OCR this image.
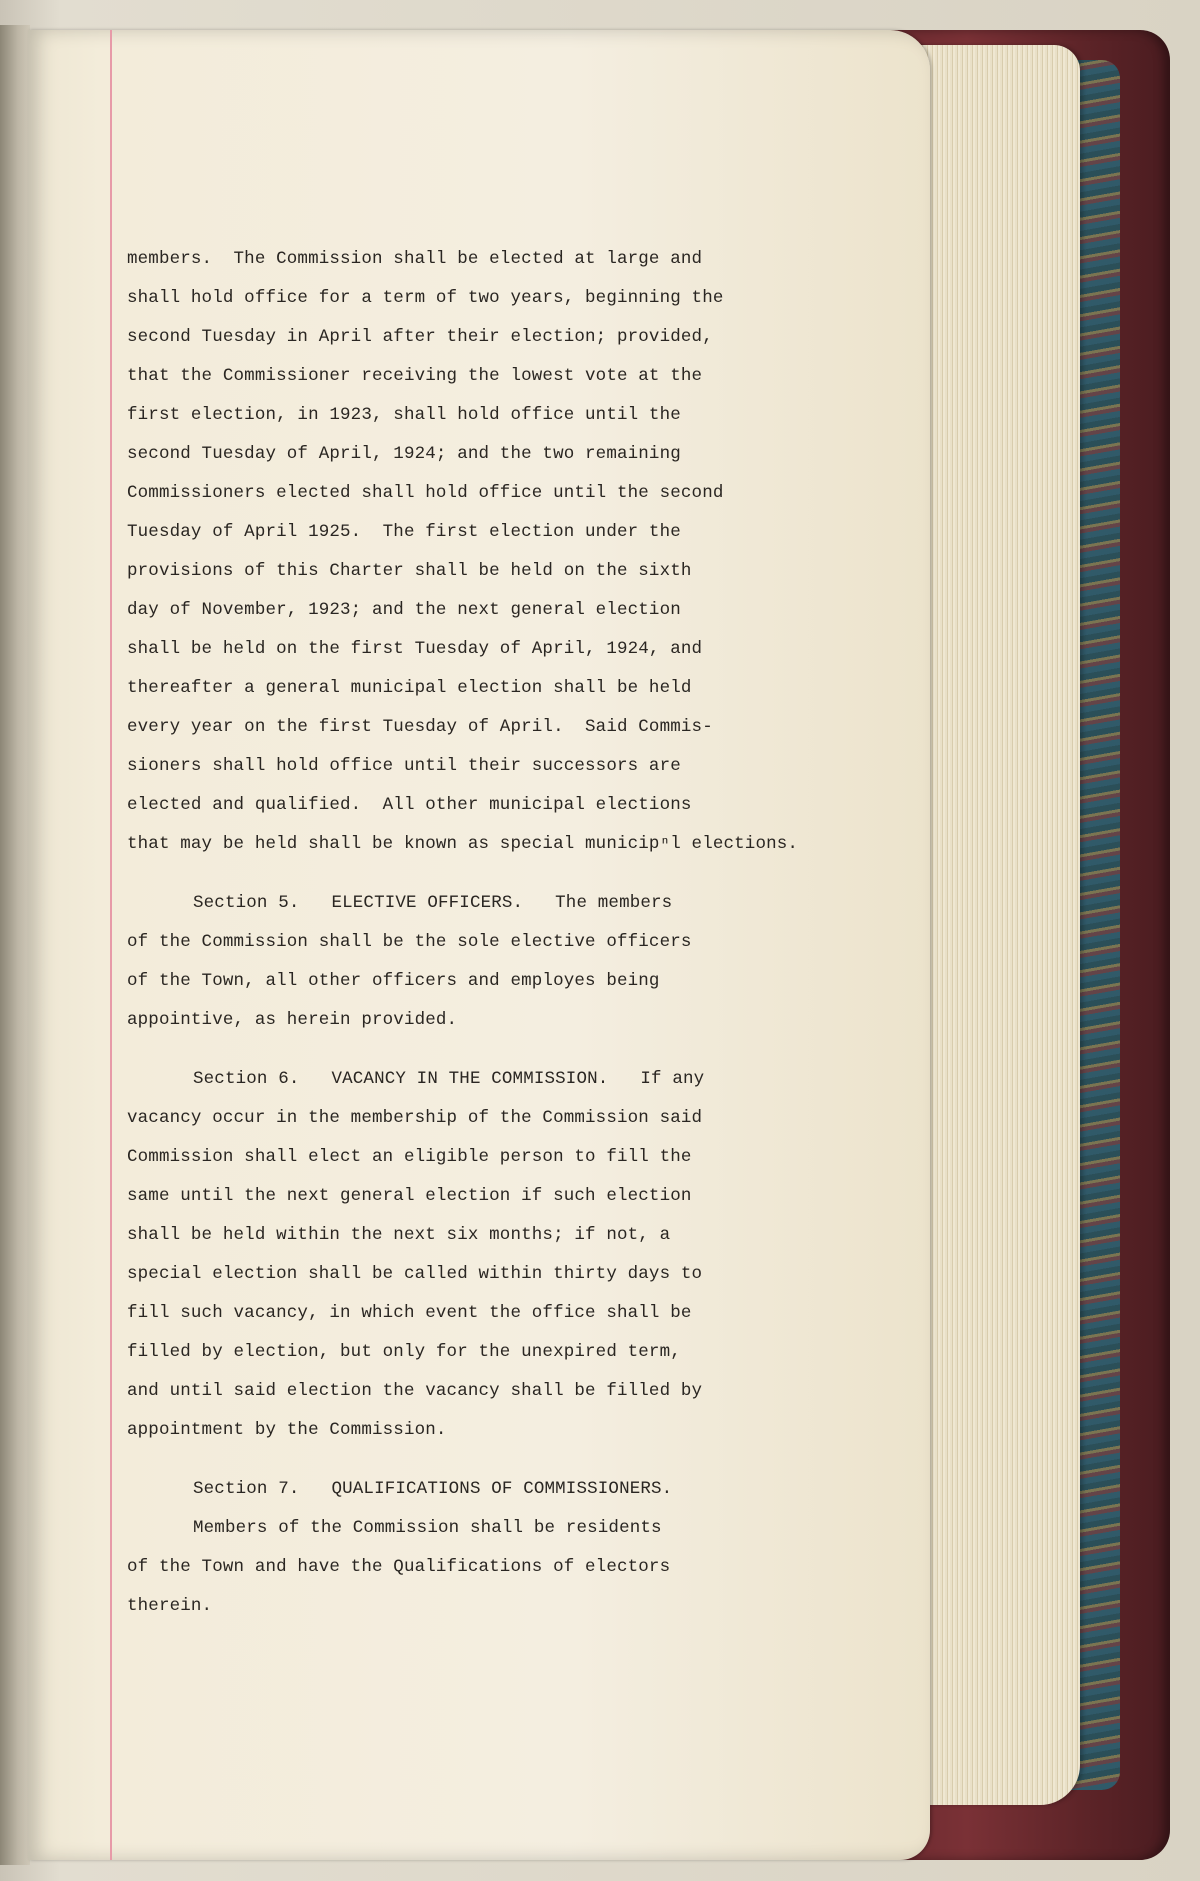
members.  The Commission shall be elected at large and
shall hold office for a term of two years, beginning the
second Tuesday in April after their election; provided,
that the Commissioner receiving the lowest vote at the
first election, in 1923, shall hold office until the
second Tuesday of April, 1924; and the two remaining
Commissioners elected shall hold office until the second
Tuesday of April 1925.  The first election under the
provisions of this Charter shall be held on the sixth
day of November, 1923; and the next general election
shall be held on the first Tuesday of April, 1924, and
thereafter a general municipal election shall be held
every year on the first Tuesday of April.  Said Commis-
sioners shall hold office until their successors are
elected and qualified.  All other municipal elections
that may be held shall be known as special municipⁿl elections.
Section 5.   ELECTIVE OFFICERS.   The members
of the Commission shall be the sole elective officers
of the Town, all other officers and employes being
appointive, as herein provided.
Section 6.   VACANCY IN THE COMMISSION.   If any
vacancy occur in the membership of the Commission said
Commission shall elect an eligible person to fill the
same until the next general election if such election
shall be held within the next six months; if not, a
special election shall be called within thirty days to
fill such vacancy, in which event the office shall be
filled by election, but only for the unexpired term,
and until said election the vacancy shall be filled by
appointment by the Commission.
Section 7.   QUALIFICATIONS OF COMMISSIONERS.
Members of the Commission shall be residents
of the Town and have the Qualifications of electors
therein.
